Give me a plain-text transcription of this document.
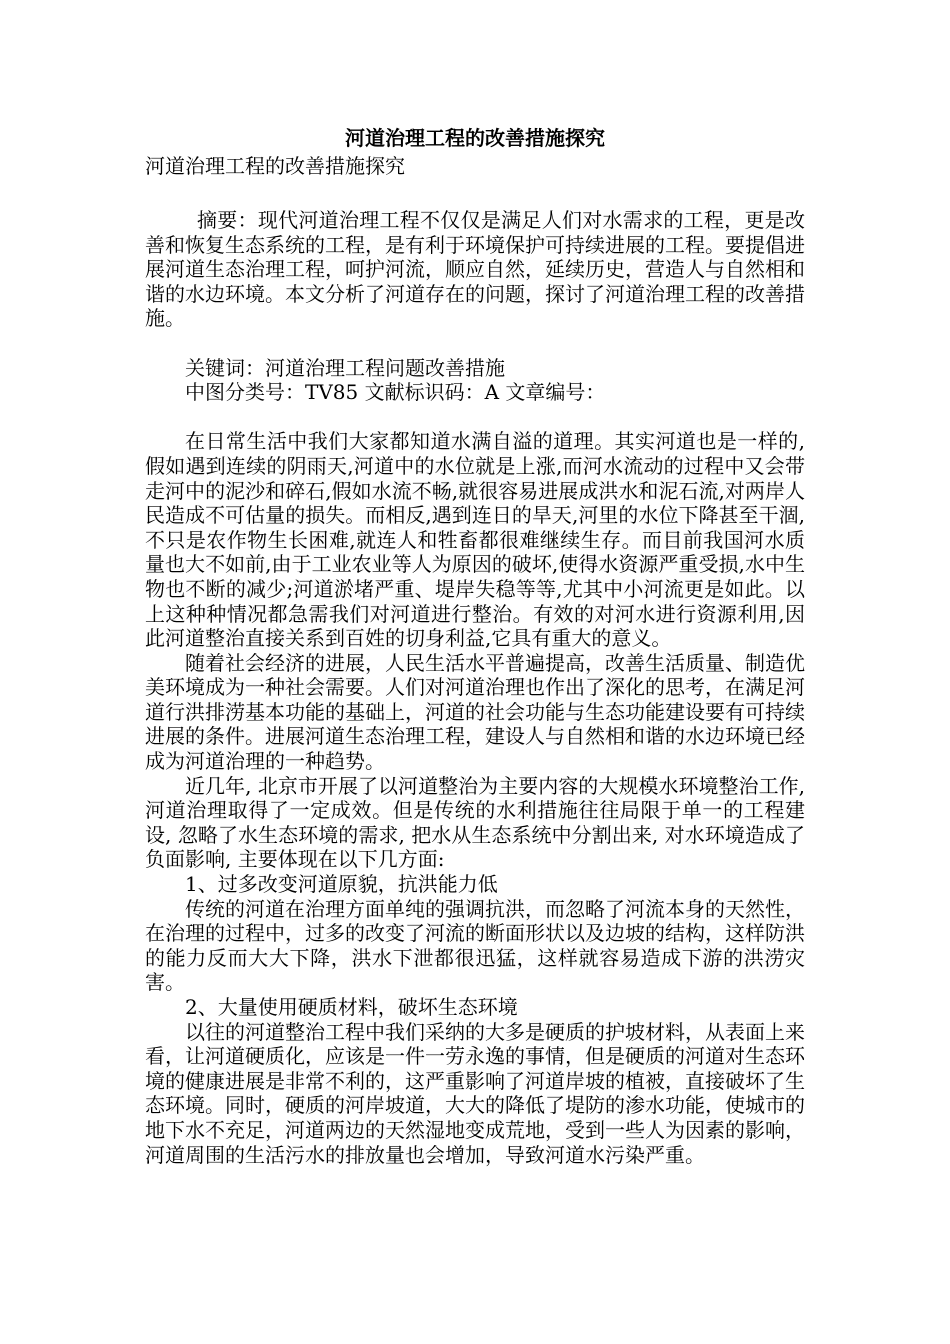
河道治理工程的改善措施探究

河道治理工程的改善措施探究

摘要：现代河道治理工程不仅仅是满足人们对水需求的工程，更是改善和恢复生态系统的工程，是有利于环境保护可持续进展的工程。要提倡进展河道生态治理工程，呵护河流，顺应自然，延续历史，营造人与自然相和谐的水边环境。本文分析了河道存在的问题，探讨了河道治理工程的改善措施。

关键词：河道治理工程问题改善措施

中图分类号：TV85 文献标识码：A 文章编号：

在日常生活中我们大家都知道水满自溢的道理。其实河道也是一样的,假如遇到连续的阴雨天,河道中的水位就是上涨,而河水流动的过程中又会带走河中的泥沙和碎石,假如水流不畅,就很容易进展成洪水和泥石流,对两岸人民造成不可估量的损失。而相反,遇到连日的旱天,河里的水位下降甚至干涸,不只是农作物生长困难,就连人和牲畜都很难继续生存。而目前我国河水质量也大不如前,由于工业农业等人为原因的破坏,使得水资源严重受损,水中生物也不断的减少;河道淤堵严重、堤岸失稳等等,尤其中小河流更是如此。以上这种种情况都急需我们对河道进行整治。有效的对河水进行资源利用,因此河道整治直接关系到百姓的切身利益,它具有重大的意义。

随着社会经济的进展，人民生活水平普遍提高，改善生活质量、制造优美环境成为一种社会需要。人们对河道治理也作出了深化的思考，在满足河道行洪排涝基本功能的基础上，河道的社会功能与生态功能建设要有可持续进展的条件。进展河道生态治理工程，建设人与自然相和谐的水边环境已经成为河道治理的一种趋势。

近几年, 北京市开展了以河道整治为主要内容的大规模水环境整治工作, 河道治理取得了一定成效。但是传统的水利措施往往局限于单一的工程建设, 忽略了水生态环境的需求, 把水从生态系统中分割出来, 对水环境造成了负面影响, 主要体现在以下几方面:

1、过多改变河道原貌，抗洪能力低

传统的河道在治理方面单纯的强调抗洪，而忽略了河流本身的天然性，在治理的过程中，过多的改变了河流的断面形状以及边坡的结构，这样防洪的能力反而大大下降，洪水下泄都很迅猛，这样就容易造成下游的洪涝灾害。

2、大量使用硬质材料，破坏生态环境

以往的河道整治工程中我们采纳的大多是硬质的护坡材料，从表面上来看，让河道硬质化，应该是一件一劳永逸的事情，但是硬质的河道对生态环境的健康进展是非常不利的，这严重影响了河道岸坡的植被，直接破坏了生态环境。同时，硬质的河岸坡道，大大的降低了堤防的渗水功能，使城市的地下水不充足，河道两边的天然湿地变成荒地，受到一些人为因素的影响，河道周围的生活污水的排放量也会增加，导致河道水污染严重。
